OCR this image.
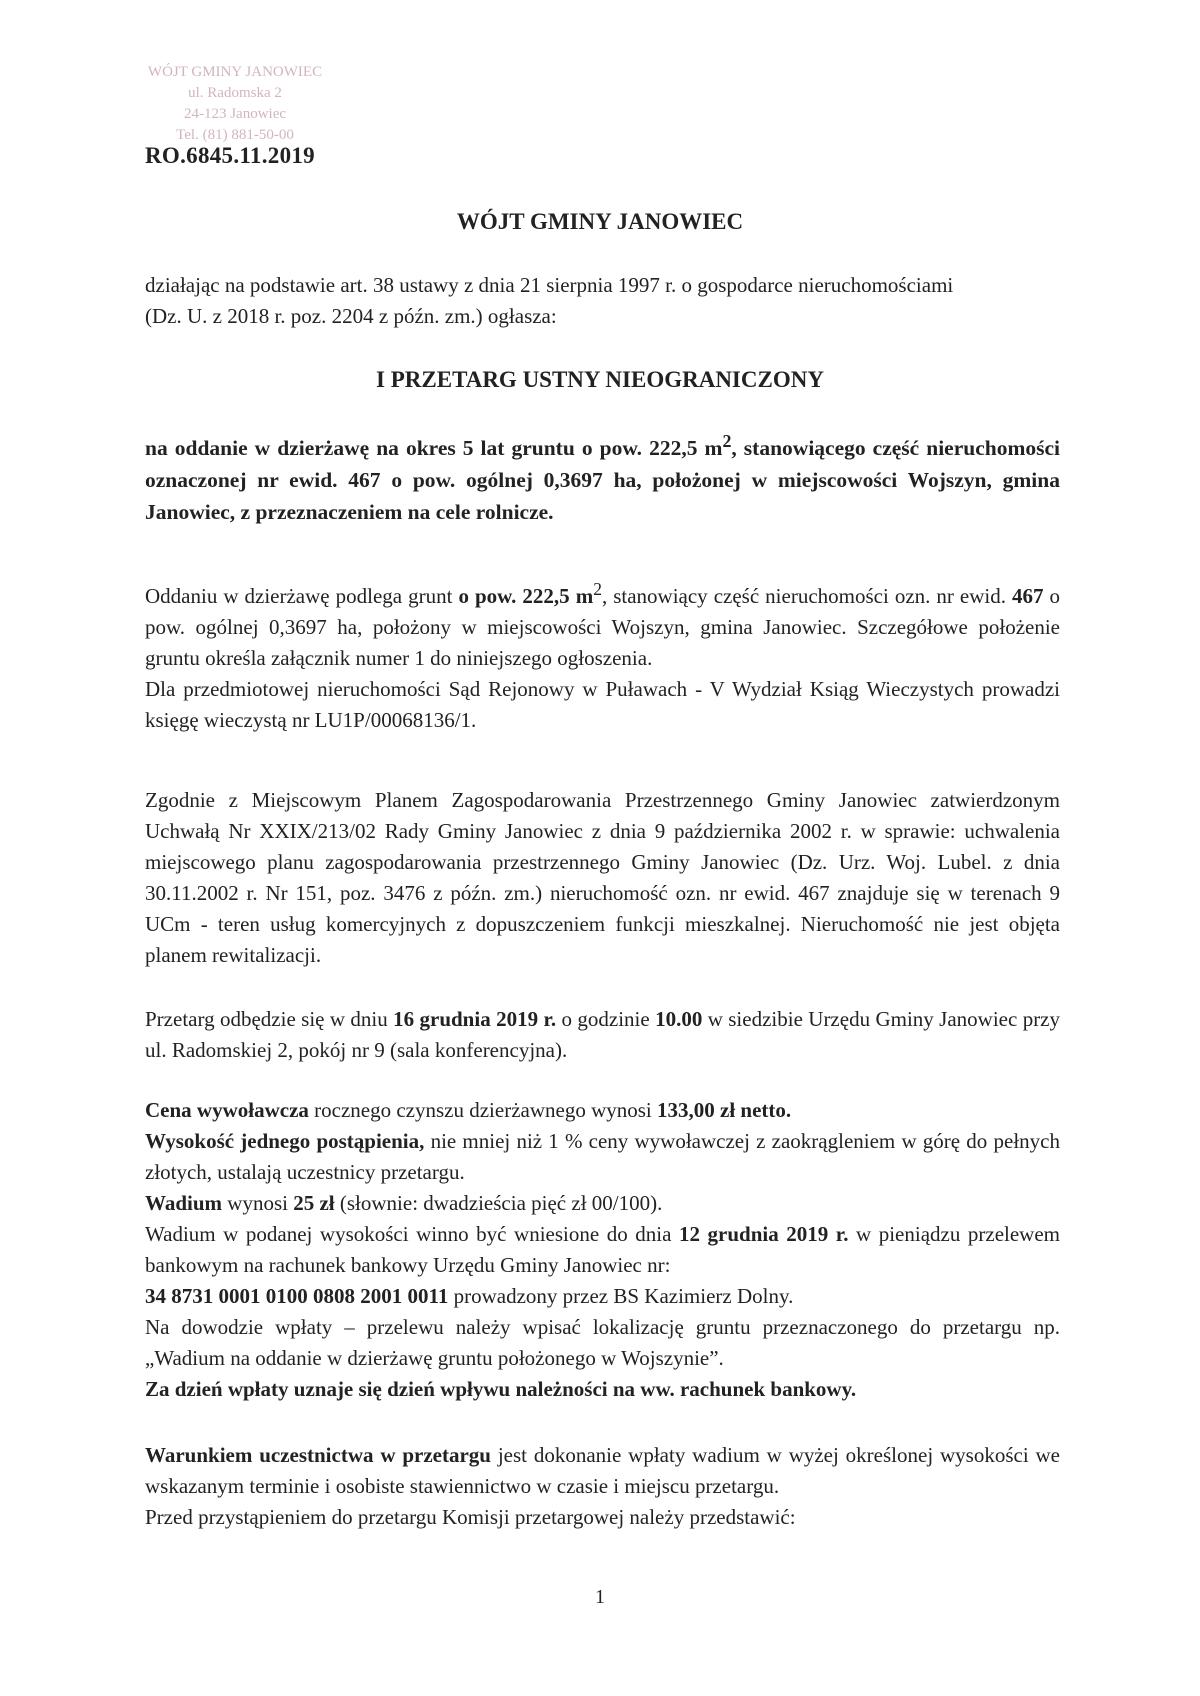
WÓJT GMINY JANOWIEC
ul. Radomska 2
24-123 Janowiec
Tel. (81) 881-50-00
RO.6845.11.2019
WÓJT GMINY JANOWIEC
działając na podstawie art. 38 ustawy z dnia 21 sierpnia 1997 r. o gospodarce nieruchomościami
(Dz. U. z 2018 r. poz. 2204 z późn. zm.) ogłasza:
I PRZETARG USTNY NIEOGRANICZONY
na oddanie w dzierżawę na okres 5 lat gruntu o pow. 222,5 $m^2$, stanowiącego część nieruchomości oznaczonej nr ewid. 467 o pow. ogólnej 0,3697 ha, położonej w miejscowości Wojszyn, gmina Janowiec, z przeznaczeniem na cele rolnicze.

Oddaniu w dzierżawę podlega grunt o pow. 222,5 $m^2$, stanowiący część nieruchomości ozn. nr ewid. 467 o pow. ogólnej 0,3697 ha, położony w miejscowości Wojszyn, gmina Janowiec. Szczegółowe położenie gruntu określa załącznik numer 1 do niniejszego ogłoszenia.

Dla przedmiotowej nieruchomości Sąd Rejonowy w Puławach - V Wydział Ksiąg Wieczystych prowadzi księgę wieczystą nr LU1P/00068136/1.

Zgodnie z Miejscowym Planem Zagospodarowania Przestrzennego Gminy Janowiec zatwierdzonym Uchwałą Nr XXIX/213/02 Rady Gminy Janowiec z dnia 9 października 2002 r. w sprawie: uchwalenia miejscowego planu zagospodarowania przestrzennego Gminy Janowiec (Dz. Urz. Woj. Lubel. z dnia 30.11.2002 r. Nr 151, poz. 3476 z późn. zm.) nieruchomość ozn. nr ewid. 467 znajduje się w terenach 9 UCm - teren usług komercyjnych z dopuszczeniem funkcji mieszkalnej. Nieruchomość nie jest objęta planem rewitalizacji.
Przetarg odbędzie się w dniu 16 grudnia 2019 r. o godzinie 10.00 w siedzibie Urzędu Gminy Janowiec przy ul. Radomskiej 2, pokój nr 9 (sala konferencyjna).

Cena wywoławcza rocznego czynszu dzierżawnego wynosi 133,00 zł netto.

Wysokość jednego postąpienia, nie mniej niż 1 % ceny wywoławczej z zaokrągleniem w górę do pełnych złotych, ustalają uczestnicy przetargu.

Wadium wynosi 25 zł (słownie: dwadzieścia pięć zł 00/100).

Wadium w podanej wysokości winno być wniesione do dnia 12 grudnia 2019 r. w pieniądzu przelewem bankowym na rachunek bankowy Urzędu Gminy Janowiec nr:

34 8731 0001 0100 0808 2001 0011 prowadzony przez BS Kazimierz Dolny.

Na dowodzie wpłaty – przelewu należy wpisać lokalizację gruntu przeznaczonego do przetargu np. „Wadium na oddanie w dzierżawę gruntu położonego w Wojszynie”.

Za dzień wpłaty uznaje się dzień wpływu należności na ww. rachunek bankowy.

Warunkiem uczestnictwa w przetargu jest dokonanie wpłaty wadium w wyżej określonej wysokości we wskazanym terminie i osobiste stawiennictwo w czasie i miejscu przetargu.

Przed przystąpieniem do przetargu Komisji przetargowej należy przedstawić:

1
